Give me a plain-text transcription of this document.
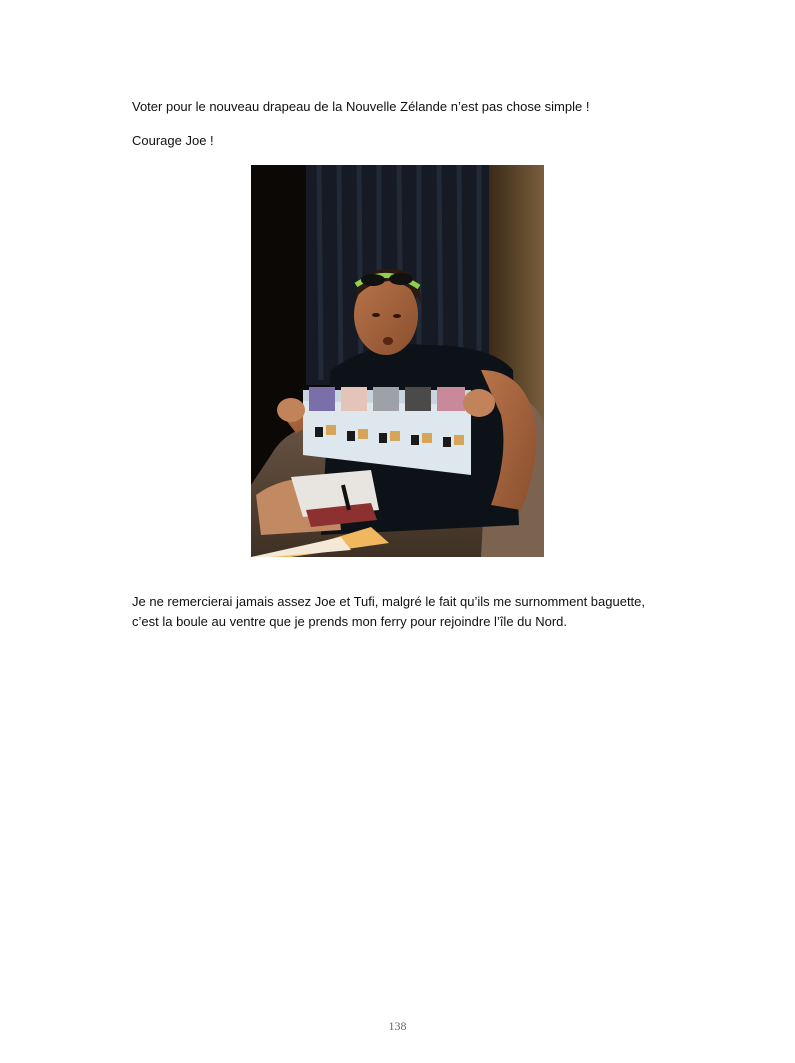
Voter pour le nouveau drapeau de la Nouvelle Zélande n’est pas chose simple !

Courage Joe !

Je ne remercierai jamais assez Joe et Tufi, malgré le fait qu’ils me surnomment baguette,

c’est la boule au ventre que je prends mon ferry pour rejoindre l’île du Nord.

138
